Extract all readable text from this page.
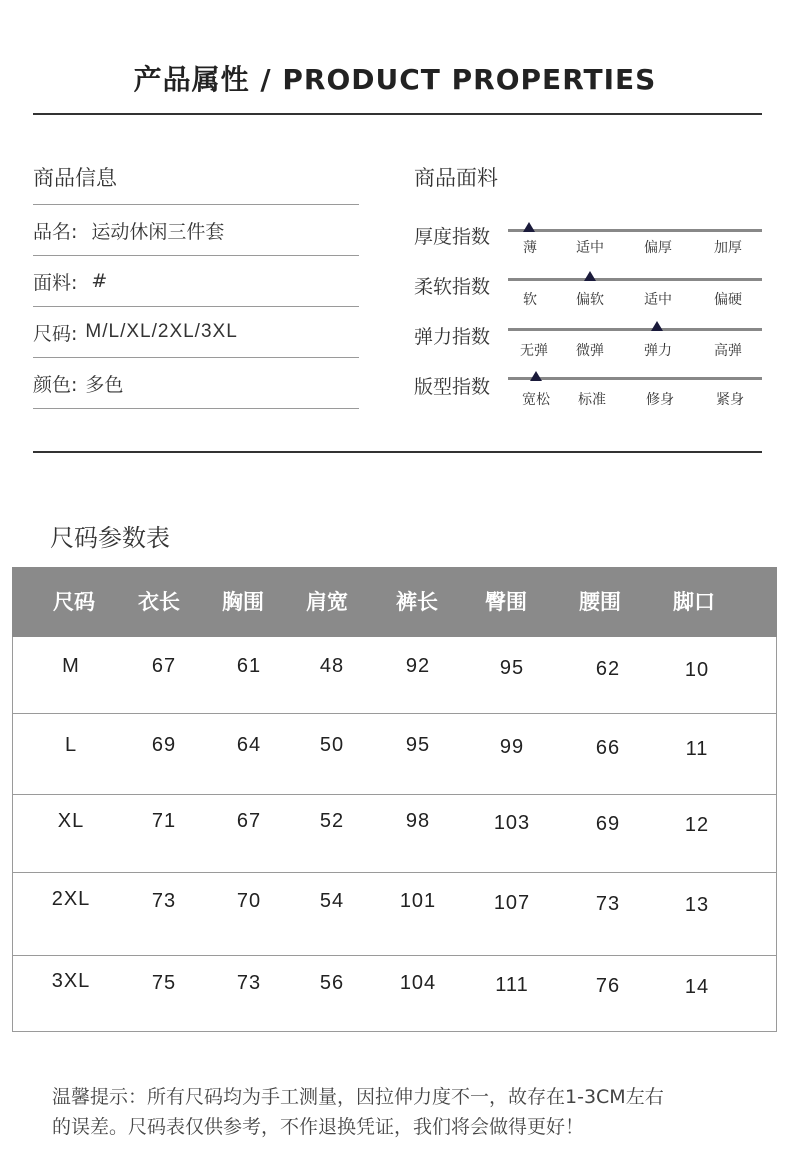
产品属性 / PRODUCT PROPERTIES
商品信息
品名: 运动休闲三件套
面料: #
尺码: M/L/XL/2XL/3XL
颜色: 多色
商品面料
厚度指数	薄	适中	偏厚	加厚
柔软指数
软	偏软	适中	偏硬
弹力指数
无弹	微弹	弹力	高弹
版型指数
宽松	标准	修身	紧身
尺码参数表
尺码	衣长	胸围	肩宽	裤长	臀围	腰围	脚口
M	67	61	48	92	95	62	10
L	69	64	50	95	99	66	11
XL	71	67	52	98	103	69	12
2XL	73	70	54	101	107	73	13
3XL	75	73	56	104	111	76	14
温馨提示：所有尺码均为手工测量，因拉伸力度不一，故存在1-3CM左右
的误差。尺码表仅供参考，不作退换凭证，我们将会做得更好！
